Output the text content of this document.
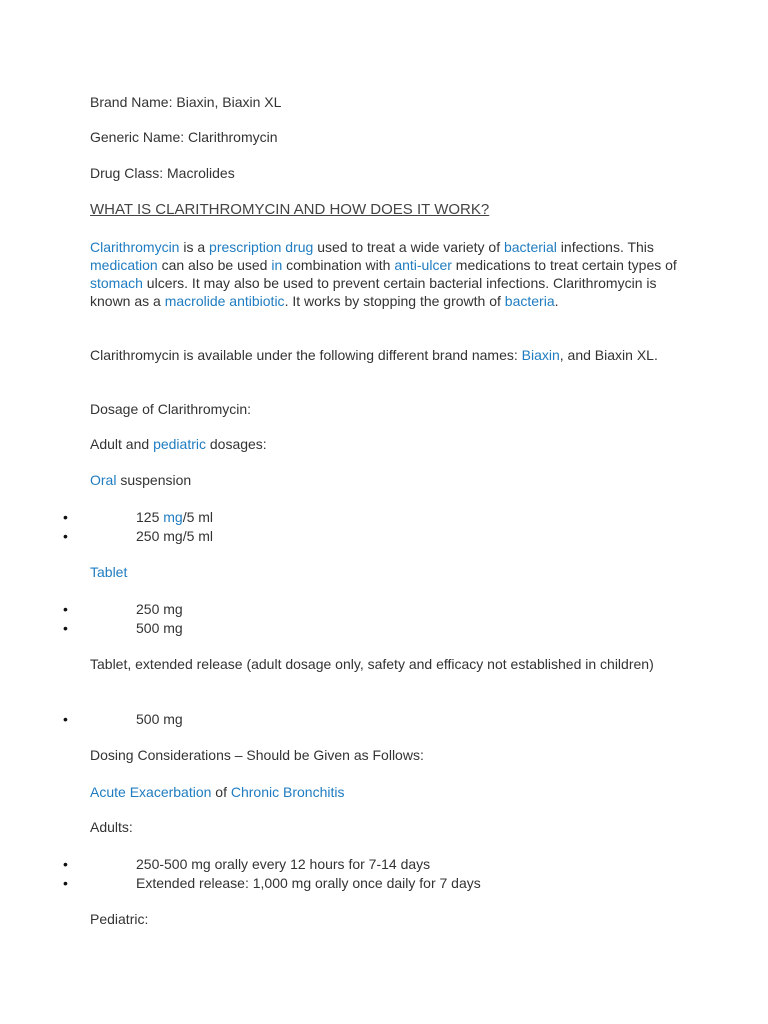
Brand Name: Biaxin, Biaxin XL

Generic Name: Clarithromycin

Drug Class: Macrolides

WHAT IS CLARITHROMYCIN AND HOW DOES IT WORK?

Clarithromycin is a prescription drug used to treat a wide variety of bacterial infections. This medication can also be used in combination with anti-ulcer medications to treat certain types of stomach ulcers. It may also be used to prevent certain bacterial infections. Clarithromycin is known as a macrolide antibiotic. It works by stopping the growth of bacteria.

Clarithromycin is available under the following different brand names: Biaxin, and Biaxin XL.

Dosage of Clarithromycin:

Adult and pediatric dosages:

Oral suspension

•	125 mg/5 ml
•	250 mg/5 ml

Tablet

•	250 mg
•	500 mg

Tablet, extended release (adult dosage only, safety and efficacy not established in children)

•	500 mg

Dosing Considerations – Should be Given as Follows:

Acute Exacerbation of Chronic Bronchitis

Adults:

•	250-500 mg orally every 12 hours for 7-14 days
•	Extended release: 1,000 mg orally once daily for 7 days

Pediatric:
